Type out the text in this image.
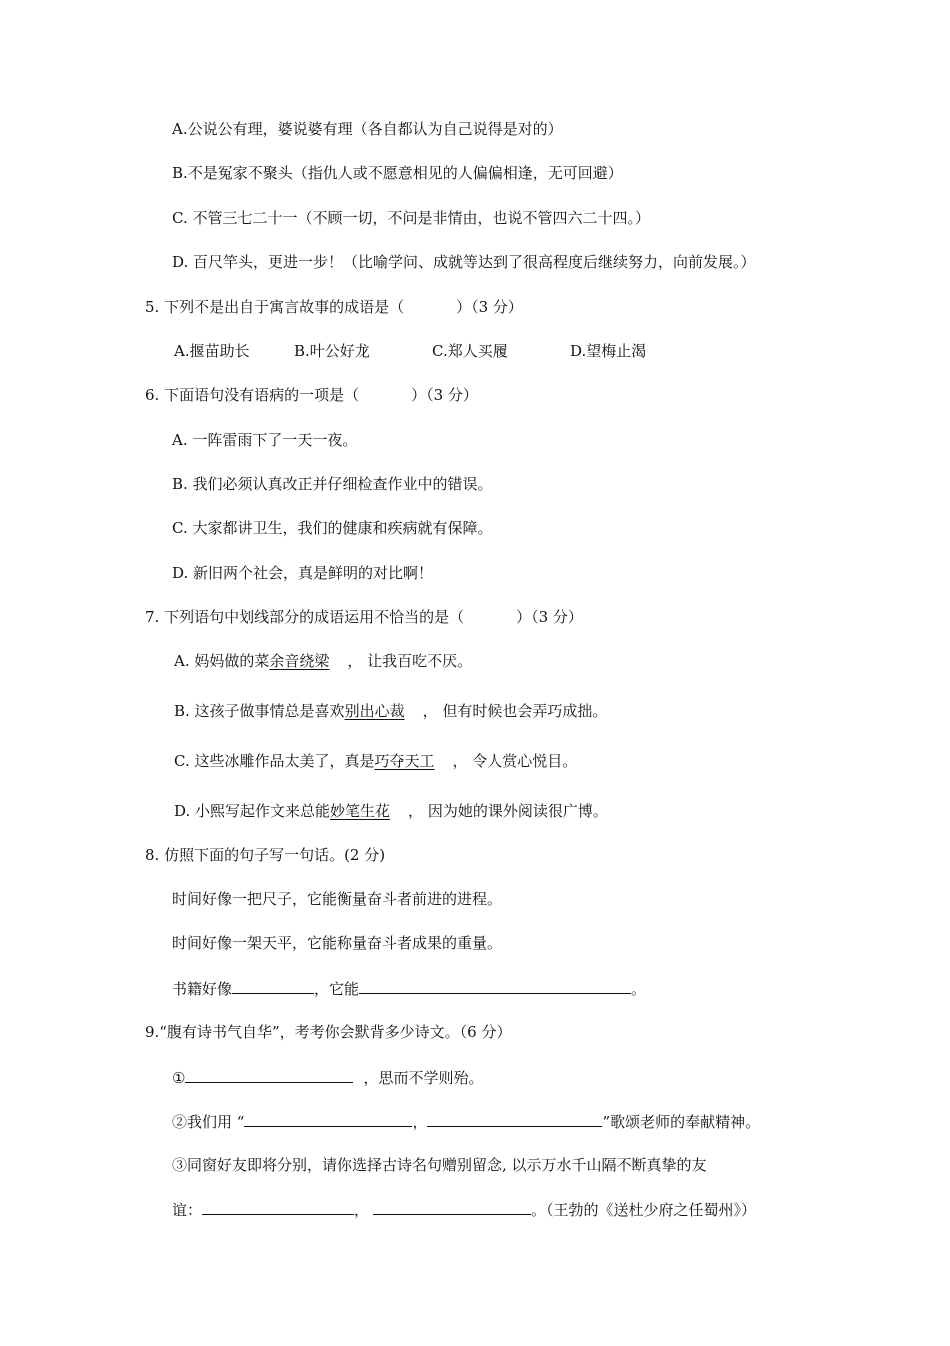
A.公说公有理，婆说婆有理（各自都认为自己说得是对的）
B.不是冤家不聚头（指仇人或不愿意相见的人偏偏相逢，无可回避）
C. 不管三七二十一（不顾一切，不问是非情由，也说不管四六二十四。）
D. 百尺竿头，更进一步！（比喻学问、成就等达到了很高程度后继续努力，向前发展。）
5. 下列不是出自于寓言故事的成语是（	）（3 分）
A.揠苗助长	B.叶公好龙	C.郑人买履	D.望梅止渴
6. 下面语句没有语病的一项是（	）（3 分）
A. 一阵雷雨下了一天一夜。
B. 我们必须认真改正并仔细检查作业中的错误。
C. 大家都讲卫生，我们的健康和疾病就有保障。
D. 新旧两个社会，真是鲜明的对比啊！
7. 下列语句中划线部分的成语运用不恰当的是（	）（3 分）
A. 妈妈做的菜余音绕梁 ， 让我百吃不厌。
B. 这孩子做事情总是喜欢别出心裁 ， 但有时候也会弄巧成拙。
C. 这些冰雕作品太美了，真是巧夺天工 ， 令人赏心悦目。
D. 小熙写起作文来总能妙笔生花 ， 因为她的课外阅读很广博。
8. 仿照下面的句子写一句话。(2 分)
时间好像一把尺子，它能衡量奋斗者前进的进程。
时间好像一架天平，它能称量奋斗者成果的重量。
书籍好像	，它能	。
9.“腹有诗书气自华”，考考你会默背多少诗文。（6 分）
①	，思而不学则殆。
②我们用 “	，	”歌颂老师的奉献精神。
③同窗好友即将分别，请你选择古诗名句赠别留念, 以示万水千山隔不断真挚的友
谊：	，	。（王勃的《送杜少府之任蜀州》）
